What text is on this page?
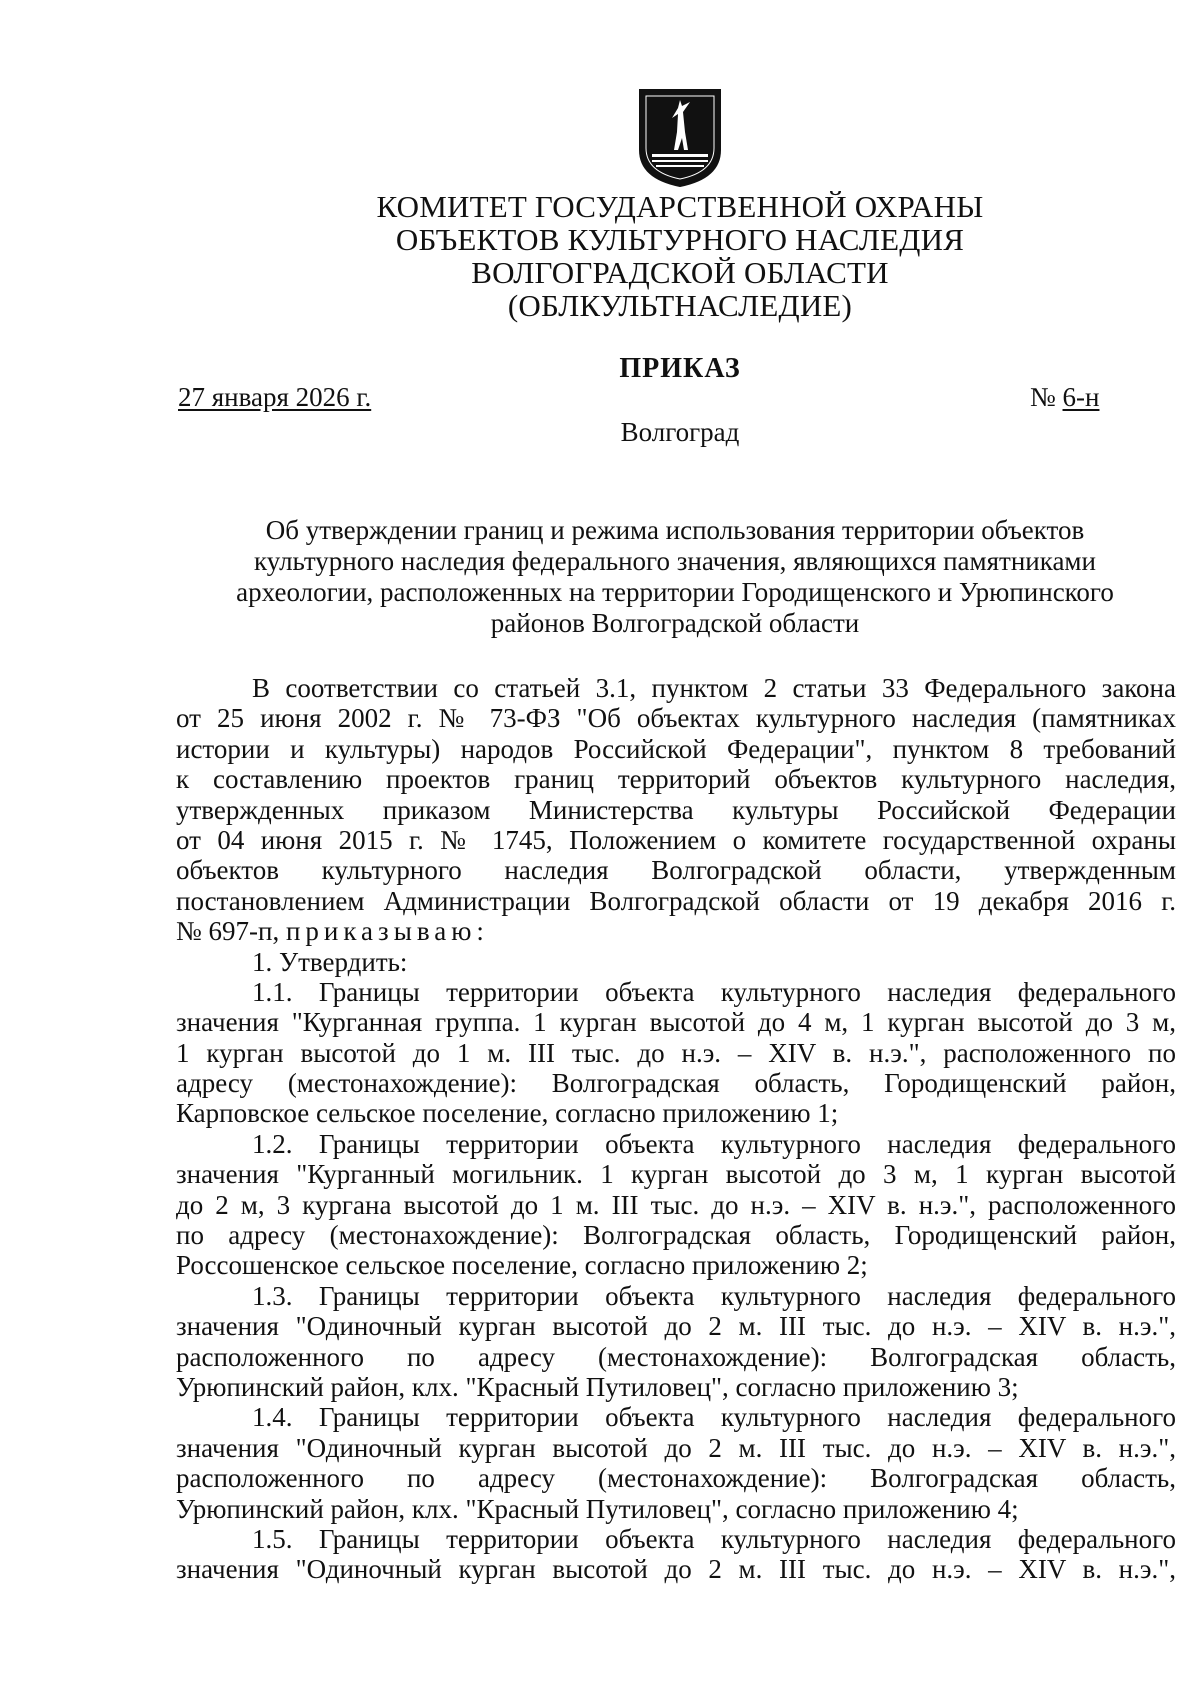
КОМИТЕТ ГОСУДАРСТВЕННОЙ ОХРАНЫ
ОБЪЕКТОВ КУЛЬТУРНОГО НАСЛЕДИЯ
ВОЛГОГРАДСКОЙ ОБЛАСТИ
(ОБЛКУЛЬТНАСЛЕДИЕ)
ПРИКАЗ
27 января 2026 г.	№ 6-н
Волгоград
Об утверждении границ и режима использования территории объектов
культурного наследия федерального значения, являющихся памятниками
археологии, расположенных на территории Городищенского и Урюпинского
районов Волгоградской области
В соответствии со статьей 3.1, пунктом 2 статьи 33 Федерального закона
от 25 июня 2002 г. № 73-ФЗ "Об объектах культурного наследия (памятниках
истории и культуры) народов Российской Федерации", пунктом 8 требований
к составлению проектов границ территорий объектов культурного наследия,
утвержденных приказом Министерства культуры Российской Федерации
от 04 июня 2015 г. № 1745, Положением о комитете государственной охраны
объектов культурного наследия Волгоградской области, утвержденным
постановлением Администрации Волгоградской области от 19 декабря 2016 г.
№ 697-п, приказываю:
1. Утвердить:
1.1. Границы территории объекта культурного наследия федерального
значения "Курганная группа. 1 курган высотой до 4 м, 1 курган высотой до 3 м,
1 курган высотой до 1 м. III тыс. до н.э. – XIV в. н.э.", расположенного по
адресу (местонахождение): Волгоградская область, Городищенский район,
Карповское сельское поселение, согласно приложению 1;
1.2. Границы территории объекта культурного наследия федерального
значения "Курганный могильник. 1 курган высотой до 3 м, 1 курган высотой
до 2 м, 3 кургана высотой до 1 м. III тыс. до н.э. – XIV в. н.э.", расположенного
по адресу (местонахождение): Волгоградская область, Городищенский район,
Россошенское сельское поселение, согласно приложению 2;
1.3. Границы территории объекта культурного наследия федерального
значения "Одиночный курган высотой до 2 м. III тыс. до н.э. – XIV в. н.э.",
расположенного по адресу (местонахождение): Волгоградская область,
Урюпинский район, клх. "Красный Путиловец", согласно приложению 3;
1.4. Границы территории объекта культурного наследия федерального
значения "Одиночный курган высотой до 2 м. III тыс. до н.э. – XIV в. н.э.",
расположенного по адресу (местонахождение): Волгоградская область,
Урюпинский район, клх. "Красный Путиловец", согласно приложению 4;
1.5. Границы территории объекта культурного наследия федерального
значения "Одиночный курган высотой до 2 м. III тыс. до н.э. – XIV в. н.э.",
